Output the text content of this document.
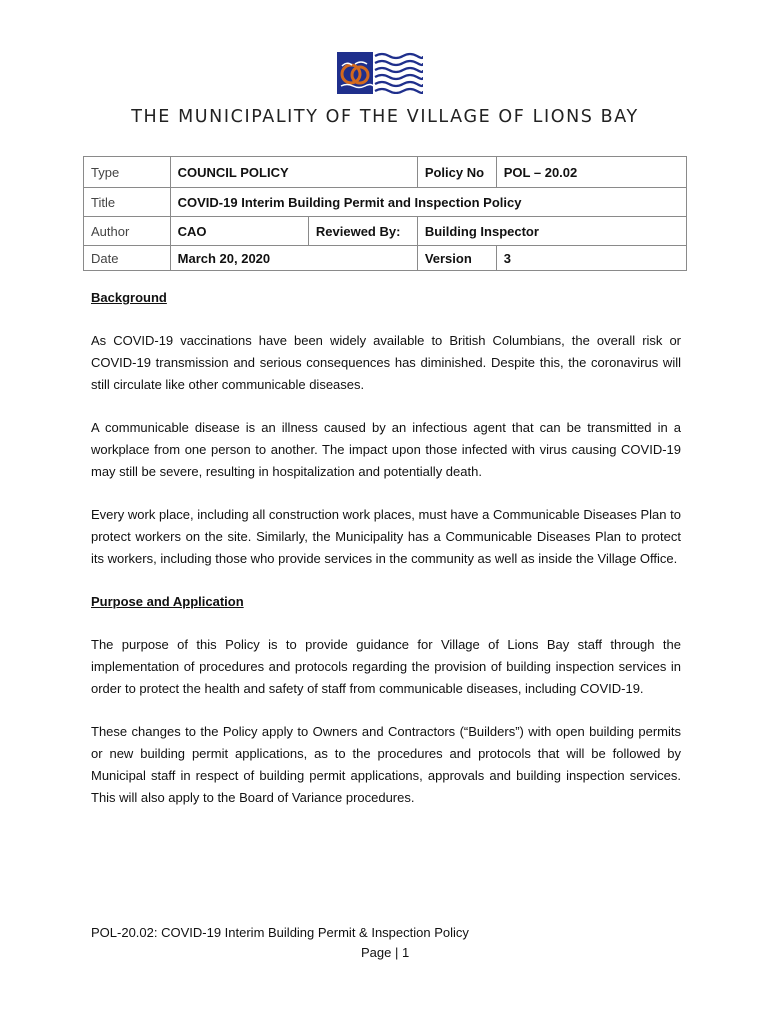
THE MUNICIPALITY OF THE VILLAGE OF LIONS BAY
Type	COUNCIL POLICY		Policy No	POL – 20.02
Title	COVID-19 Interim Building Permit and Inspection Policy			
Author	CAO	Reviewed By:	Building Inspector	
Date	March 20, 2020		Version	3
Background

As COVID-19 vaccinations have been widely available to British Columbians, the overall risk or COVID-19 transmission and serious consequences has diminished. Despite this, the coronavirus will still circulate like other communicable diseases.

A communicable disease is an illness caused by an infectious agent that can be transmitted in a workplace from one person to another. The impact upon those infected with virus causing COVID-19 may still be severe, resulting in hospitalization and potentially death.

Every work place, including all construction work places, must have a Communicable Diseases Plan to protect workers on the site. Similarly, the Municipality has a Communicable Diseases Plan to protect its workers, including those who provide services in the community as well as inside the Village Office.

Purpose and Application

The purpose of this Policy is to provide guidance for Village of Lions Bay staff through the implementation of procedures and protocols regarding the provision of building inspection services in order to protect the health and safety of staff from communicable diseases, including COVID-19.

These changes to the Policy apply to Owners and Contractors (“Builders”) with open building permits or new building permit applications, as to the procedures and protocols that will be followed by Municipal staff in respect of building permit applications, approvals and building inspection services. This will also apply to the Board of Variance procedures.

POL-20.02: COVID-19 Interim Building Permit & Inspection Policy
Page | 1
